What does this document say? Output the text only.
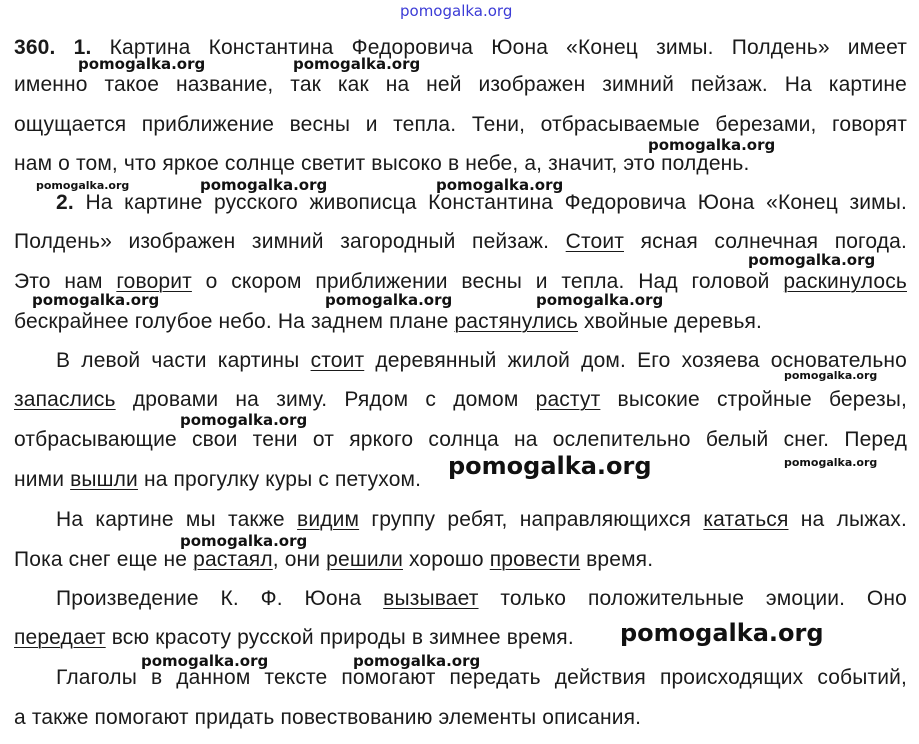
pomogalka.org
360. 1. Картина Константина Федоровича Юона «Конец зимы. Полдень» имеет
именно такое название, так как на ней изображен зимний пейзаж. На картине
ощущается приближение весны и тепла. Тени, отбрасываемые березами, говорят
нам о том, что яркое солнце светит высоко в небе, а, значит, это полдень.
2. На картине русского живописца Константина Федоровича Юона «Конец зимы.
Полдень» изображен зимний загородный пейзаж. Стоит ясная солнечная погода.
Это нам говорит о скором приближении весны и тепла. Над головой раскинулось
бескрайнее голубое небо. На заднем плане растянулись хвойные деревья.
В левой части картины стоит деревянный жилой дом. Его хозяева основательно
запаслись дровами на зиму. Рядом с домом растут высокие стройные березы,
отбрасывающие свои тени от яркого солнца на ослепительно белый снег. Перед
ними вышли на прогулку куры с петухом.
На картине мы также видим группу ребят, направляющихся кататься на лыжах.
Пока снег еще не растаял, они решили хорошо провести время.
Произведение К. Ф. Юона вызывает только положительные эмоции. Оно
передает всю красоту русской природы в зимнее время.
Глаголы в данном тексте помогают передать действия происходящих событий,
а также помогают придать повествованию элементы описания.
pomogalka.org	pomogalka.org
pomogalka.org
pomogalka.org	pomogalka.org	pomogalka.org
pomogalka.org
pomogalka.org	pomogalka.org	pomogalka.org
pomogalka.org
pomogalka.org
pomogalka.org	pomogalka.org
pomogalka.org
pomogalka.org
pomogalka.org	pomogalka.org
